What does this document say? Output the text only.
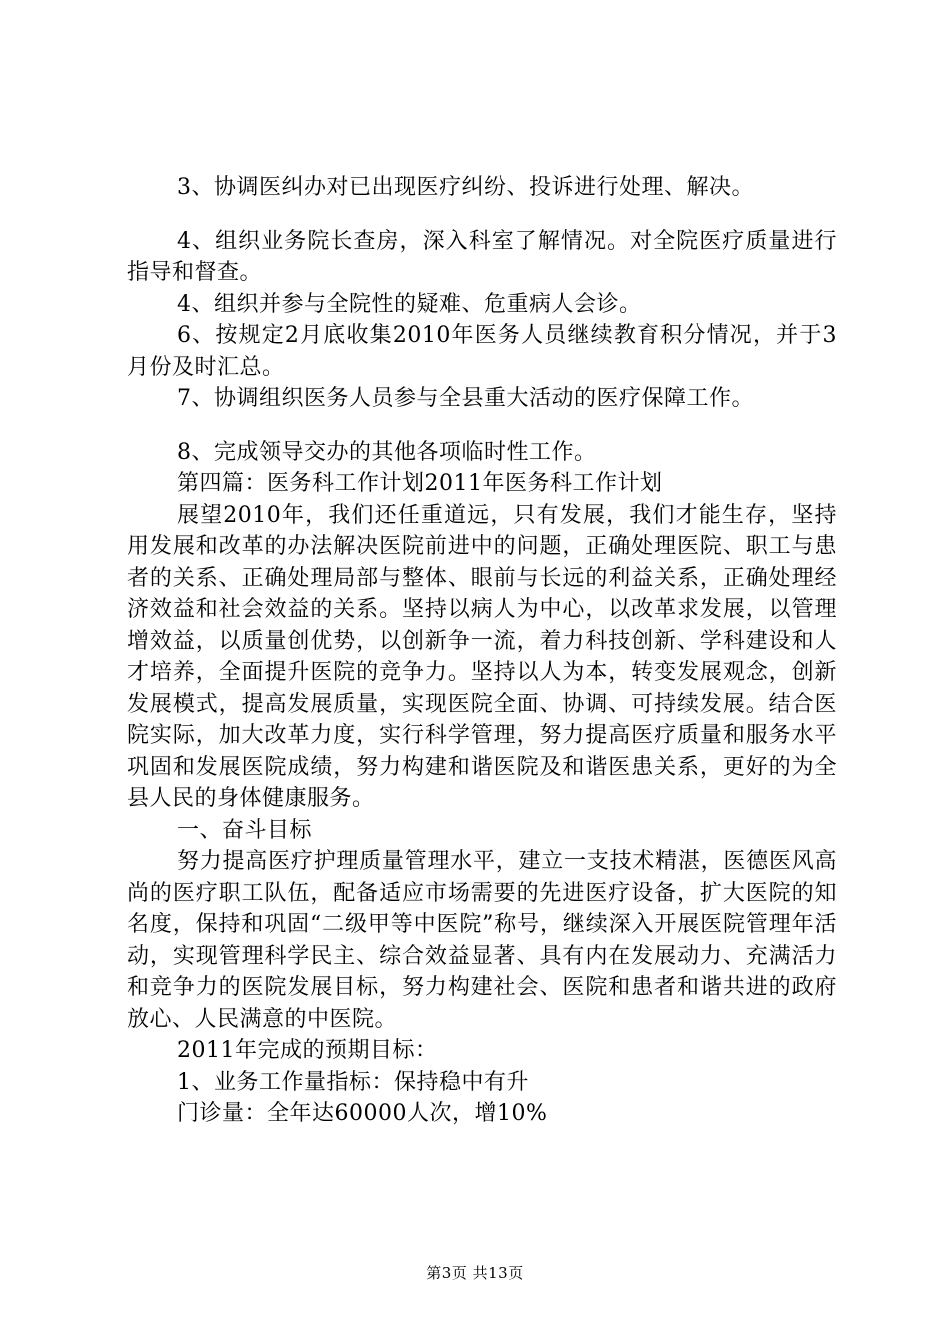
3、协调医纠办对已出现医疗纠纷、投诉进行处理、解决。

4、组织业务院长查房，深入科室了解情况。对全院医疗质量进行指导和督查。

4、组织并参与全院性的疑难、危重病人会诊。

6、按规定2月底收集2010年医务人员继续教育积分情况，并于3月份及时汇总。

7、协调组织医务人员参与全县重大活动的医疗保障工作。

8、完成领导交办的其他各项临时性工作。

第四篇：医务科工作计划2011年医务科工作计划

展望2010年，我们还任重道远，只有发展，我们才能生存，坚持用发展和改革的办法解决医院前进中的问题，正确处理医院、职工与患者的关系、正确处理局部与整体、眼前与长远的利益关系，正确处理经济效益和社会效益的关系。坚持以病人为中心，以改革求发展，以管理增效益，以质量创优势，以创新争一流，着力科技创新、学科建设和人才培养，全面提升医院的竞争力。坚持以人为本，转变发展观念，创新发展模式，提高发展质量，实现医院全面、协调、可持续发展。结合医院实际，加大改革力度，实行科学管理，努力提高医疗质量和服务水平巩固和发展医院成绩，努力构建和谐医院及和谐医患关系，更好的为全县人民的身体健康服务。

一、奋斗目标

努力提高医疗护理质量管理水平，建立一支技术精湛，医德医风高尚的医疗职工队伍，配备适应市场需要的先进医疗设备，扩大医院的知名度，保持和巩固“二级甲等中医院”称号，继续深入开展医院管理年活动，实现管理科学民主、综合效益显著、具有内在发展动力、充满活力和竞争力的医院发展目标，努力构建社会、医院和患者和谐共进的政府放心、人民满意的中医院。

2011年完成的预期目标：

1、业务工作量指标：保持稳中有升

门诊量：全年达60000人次，增10%

第3页 共13页
